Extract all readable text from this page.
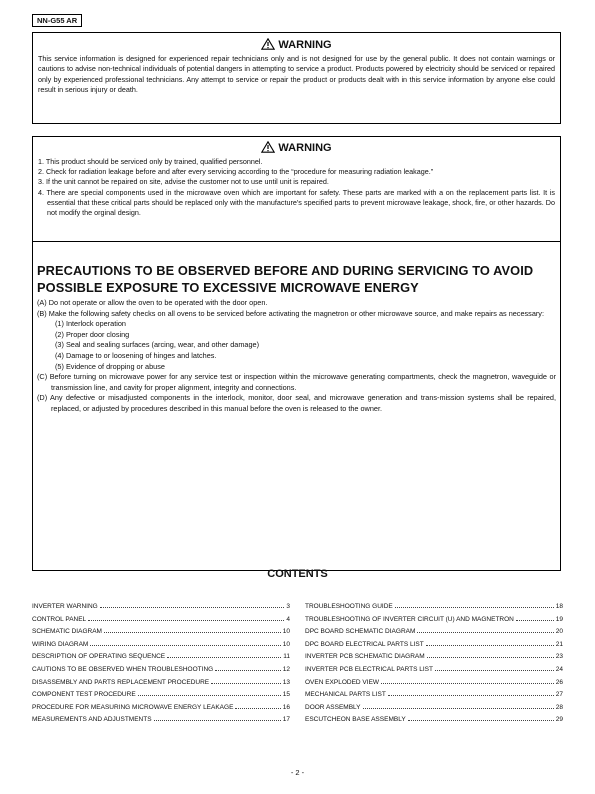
NN-G55 AR
WARNING
This service information is designed for experienced repair technicians only and is not designed for use by the general public. It does not contain warnings or cautions to advise non-technical individuals of potential dangers in attempting to service a product. Products powered by electricity should be serviced or repaired only by experienced professional technicians. Any attempt to service or repair the product or products dealt with in this service information by anyone else could result in serious injury or death.
WARNING
1. This product should be serviced only by trained, qualified personnel.
2. Check for radiation leakage before and after every servicing according to the “procedure for measuring radiation leakage.”
3. If the unit cannot be repaired on site, advise the customer not to use until unit is repaired.
4. There are special components used in the microwave oven which are important for safety. These parts are marked with a on the replacement parts list. It is essential that these critical parts should be replaced only with the manufacture’s specified parts to prevent microwave leakage, shock, fire, or other hazards. Do not modify the orginal design.
PRECAUTIONS TO BE OBSERVED BEFORE AND DURING SERVICING TO AVOID POSSIBLE EXPOSURE TO EXCESSIVE MICROWAVE ENERGY
(A) Do not operate or allow the oven to be operated with the door open.
(B) Make the following safety checks on all ovens to be serviced before activating the magnetron or other microwave source, and make repairs as necessary:
(1) Interlock operation
(2) Proper door closing
(3) Seal and sealing surfaces (arcing, wear, and other damage)
(4) Damage to or loosening of hinges and latches.
(5) Evidence of dropping or abuse
(C) Before turning on microwave power for any service test or inspection within the microwave generating compartments, check the magnetron, waveguide or transmission line, and cavity for proper alignment, integrity and connections.
(D) Any defective or misadjusted components in the interlock, monitor, door seal, and microwave generation and trans-mission systems shall be repaired, replaced, or adjusted by procedures described in this manual before the oven is released to the owner.
CONTENTS
INVERTER WARNING	3
CONTROL PANEL	4
SCHEMATIC DIAGRAM	10
WIRING DIAGRAM	10
DESCRIPTION OF OPERATING SEQUENCE	11
CAUTIONS TO BE OBSERVED WHEN TROUBLESHOOTING	12
DISASSEMBLY AND PARTS REPLACEMENT PROCEDURE	13
COMPONENT TEST PROCEDURE	15
PROCEDURE FOR MEASURING MICROWAVE ENERGY LEAKAGE	16
MEASUREMENTS AND ADJUSTMENTS	17
TROUBLESHOOTING GUIDE	18
TROUBLESHOOTING OF INVERTER CIRCUIT (U) AND MAGNETRON	19
DPC BOARD SCHEMATIC DIAGRAM	20
DPC BOARD ELECTRICAL PARTS LIST	21
INVERTER PCB SCHEMATIC DIAGRAM	23
INVERTER PCB ELECTRICAL PARTS LIST	24
OVEN EXPLODED VIEW	26
MECHANICAL PARTS LIST	27
DOOR ASSEMBLY	28
ESCUTCHEON BASE ASSEMBLY	29
- 2 -
